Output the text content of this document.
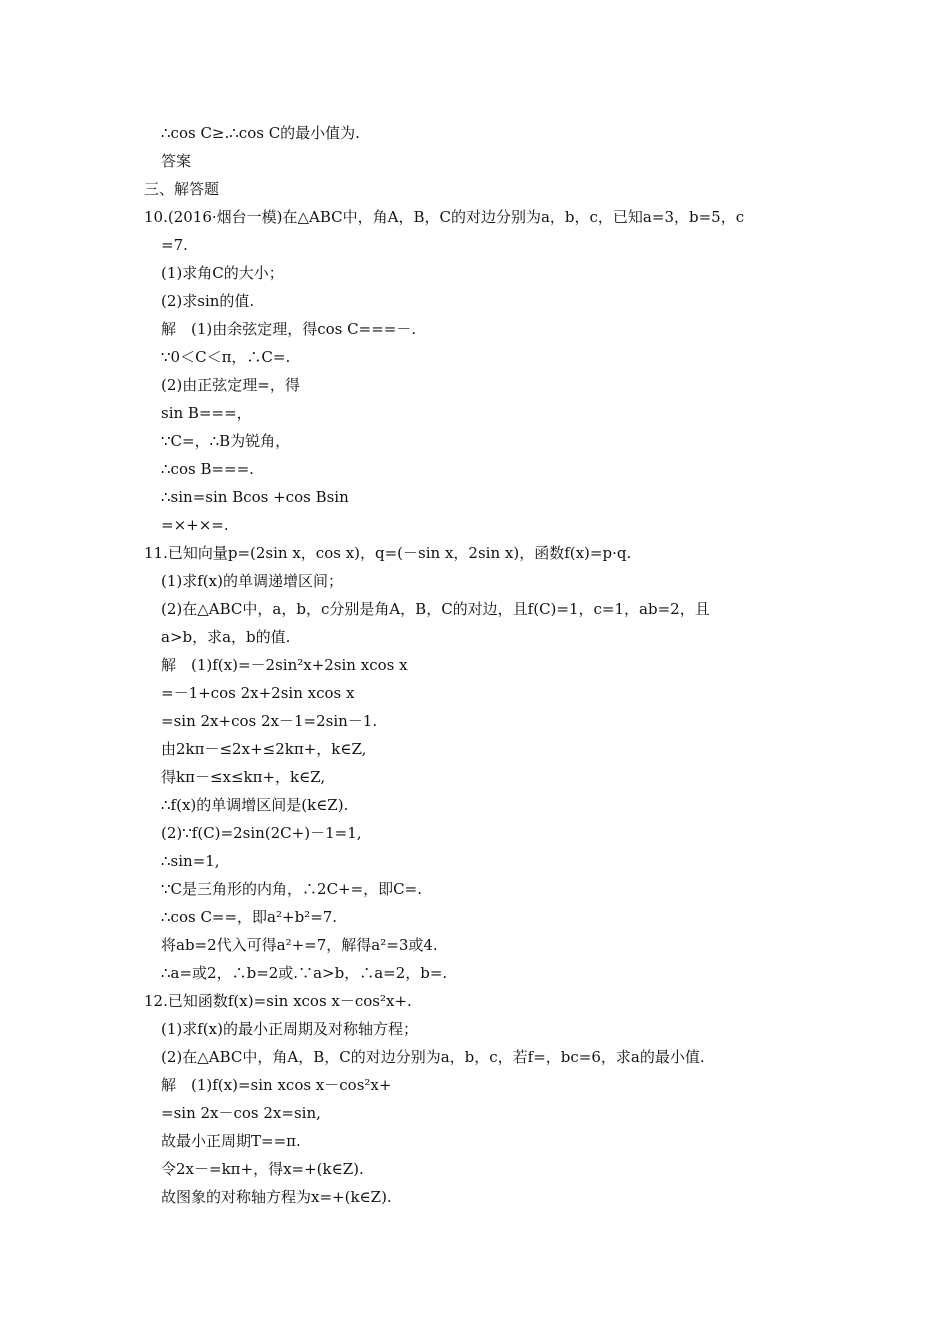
∴cos C≥.∴cos C的最小值为.
答案
三、解答题
10.(2016·烟台一模)在△ABC中，角A，B，C的对边分别为a，b，c，已知a=3，b=5，c
=7.
(1)求角C的大小；
(2)求sin的值.
解　(1)由余弦定理，得cos C===－.
∵0＜C＜π，∴C=.
(2)由正弦定理=，得
sin B===，
∵C=，∴B为锐角，
∴cos B===.
∴sin=sin Bcos +cos Bsin
=×+×=.
11.已知向量p=(2sin x，cos x)，q=(－sin x，2sin x)，函数f(x)=p·q.
(1)求f(x)的单调递增区间；
(2)在△ABC中，a，b，c分别是角A，B，C的对边，且f(C)=1，c=1，ab=2，且
a>b，求a，b的值.
解　(1)f(x)=－2sin²x+2sin xcos x
=－1+cos 2x+2sin xcos x
=sin 2x+cos 2x－1=2sin－1.
由2kπ－≤2x+≤2kπ+，k∈Z,
得kπ－≤x≤kπ+，k∈Z,
∴f(x)的单调增区间是(k∈Z).
(2)∵f(C)=2sin(2C+)－1=1,
∴sin=1,
∵C是三角形的内角，∴2C+=，即C=.
∴cos C==，即a²+b²=7.
将ab=2代入可得a²+=7，解得a²=3或4.
∴a=或2，∴b=2或.∵a>b，∴a=2，b=.
12.已知函数f(x)=sin xcos x－cos²x+.
(1)求f(x)的最小正周期及对称轴方程；
(2)在△ABC中，角A，B，C的对边分别为a，b，c，若f=，bc=6，求a的最小值.
解　(1)f(x)=sin xcos x－cos²x+
=sin 2x－cos 2x=sin,
故最小正周期T==π.
令2x－=kπ+，得x=+(k∈Z).
故图象的对称轴方程为x=+(k∈Z).
